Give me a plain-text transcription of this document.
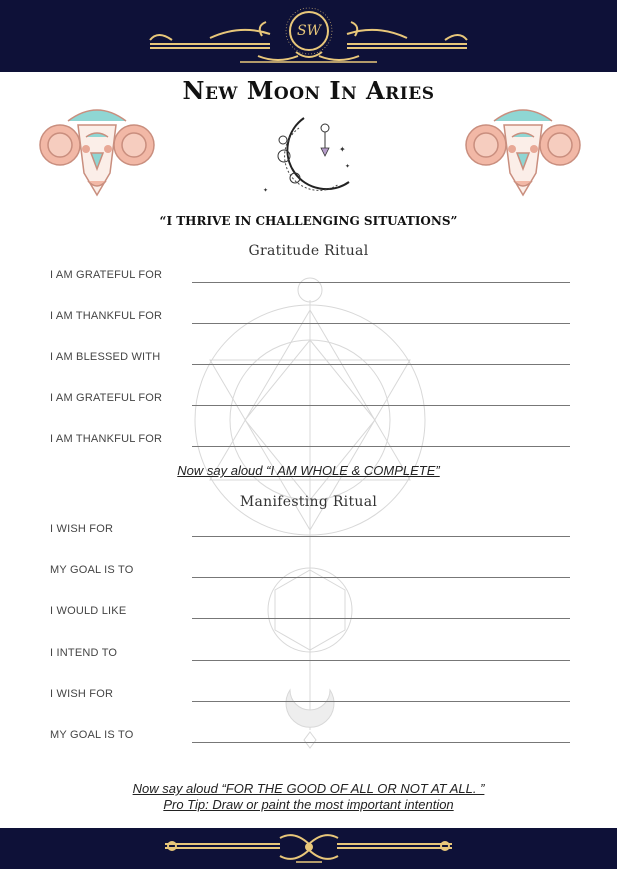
SW
New Moon In Aries
✦
✦
✦
“I THRIVE IN CHALLENGING SITUATIONS”
Gratitude Ritual
I AM GRATEFUL FOR
I AM THANKFUL FOR
I AM BLESSED WITH
I AM GRATEFUL FOR
I AM THANKFUL FOR
Now say aloud “I AM WHOLE & COMPLETE”
Manifesting Ritual
I WISH FOR
MY GOAL IS TO
I WOULD LIKE
I INTEND TO
I WISH FOR
MY GOAL IS TO
Now say aloud “FOR THE GOOD OF ALL OR NOT AT ALL. ”
Pro Tip: Draw or paint the most important intention
